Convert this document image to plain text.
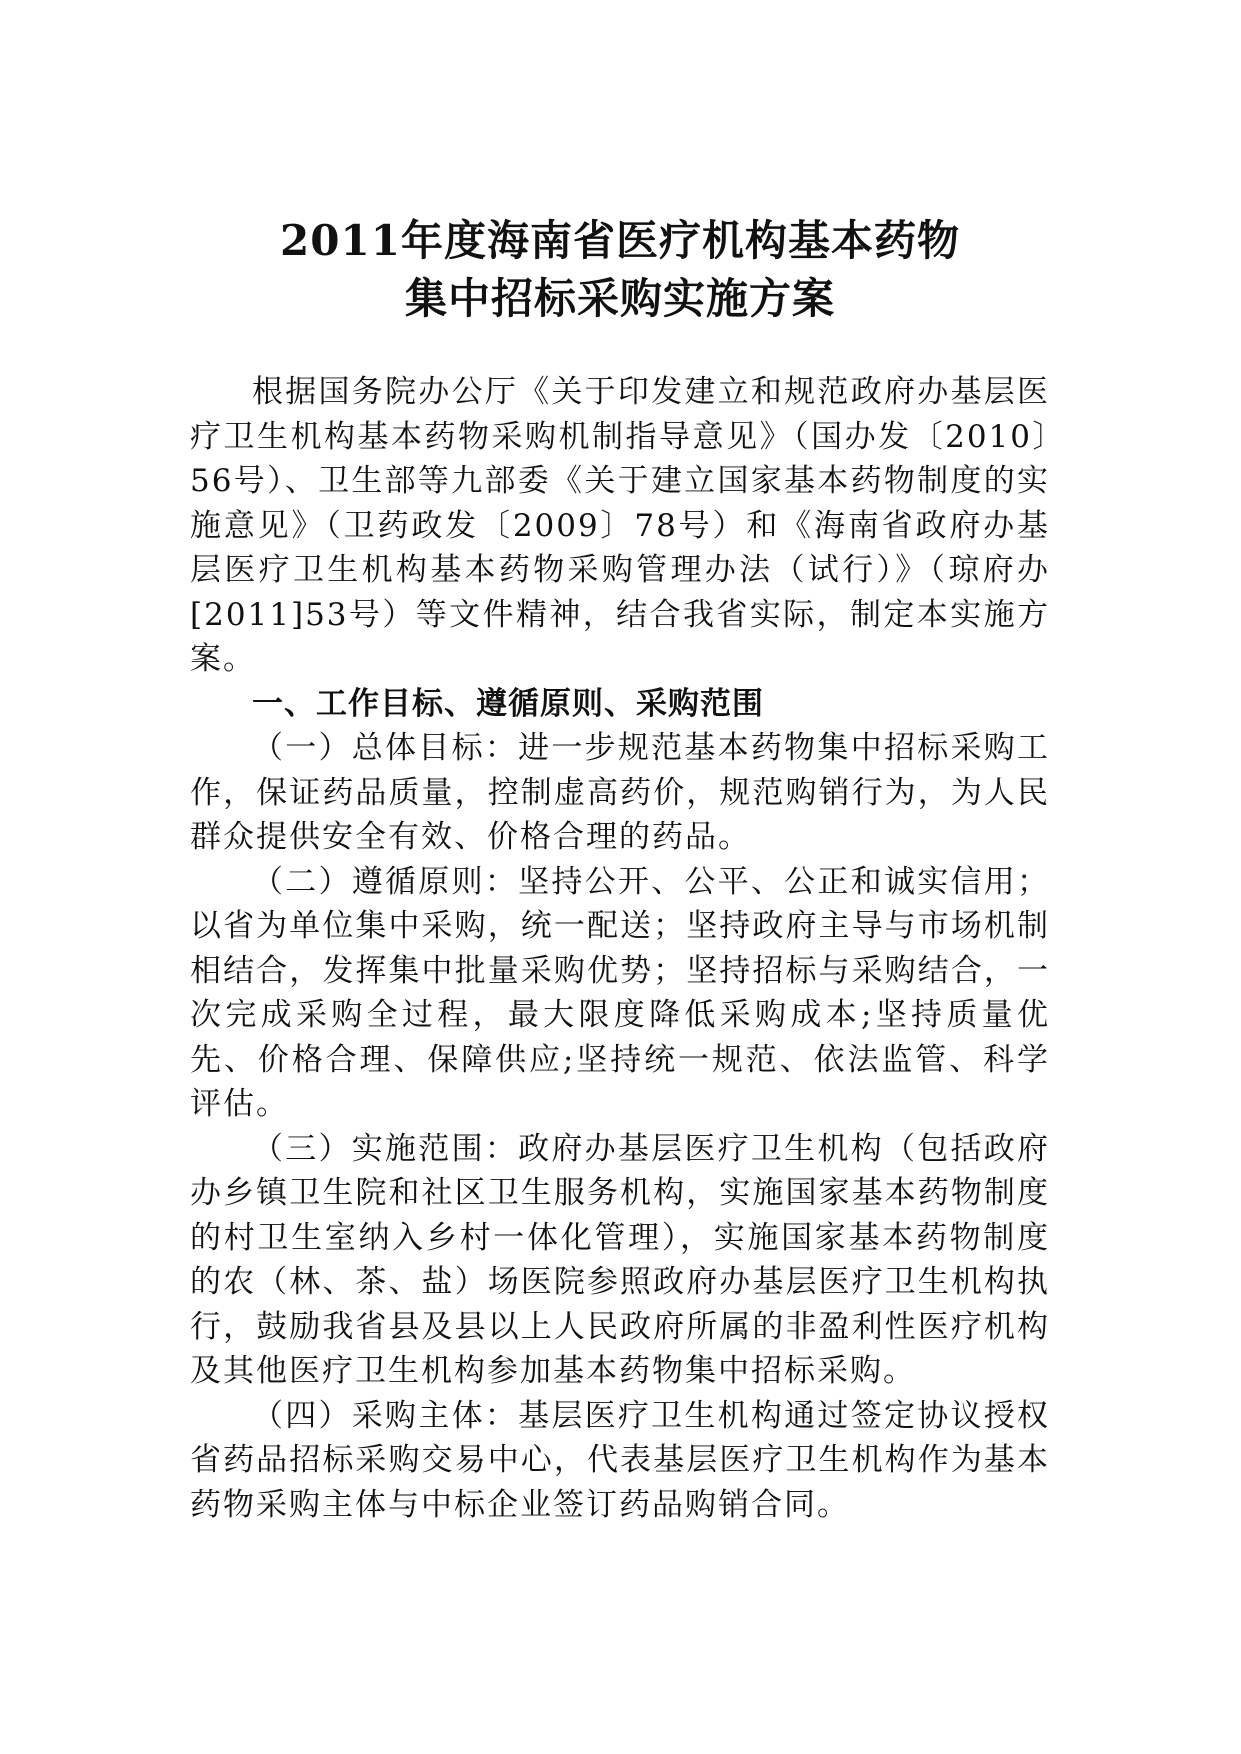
2011年度海南省医疗机构基本药物
集中招标采购实施方案

根据国务院办公厅《关于印发建立和规范政府办基层医疗卫生机构基本药物采购机制指导意见》（国办发〔2010〕56号）、卫生部等九部委《关于建立国家基本药物制度的实施意见》（卫药政发〔2009〕78号）和《海南省政府办基层医疗卫生机构基本药物采购管理办法（试行）》（琼府办[2011]53号）等文件精神，结合我省实际，制定本实施方案。

一、工作目标、遵循原则、采购范围

（一）总体目标：进一步规范基本药物集中招标采购工作，保证药品质量，控制虚高药价，规范购销行为，为人民群众提供安全有效、价格合理的药品。

（二）遵循原则：坚持公开、公平、公正和诚实信用；以省为单位集中采购，统一配送；坚持政府主导与市场机制相结合，发挥集中批量采购优势；坚持招标与采购结合，一次完成采购全过程，最大限度降低采购成本;坚持质量优先、价格合理、保障供应;坚持统一规范、依法监管、科学评估。

（三）实施范围：政府办基层医疗卫生机构（包括政府办乡镇卫生院和社区卫生服务机构，实施国家基本药物制度的村卫生室纳入乡村一体化管理），实施国家基本药物制度的农（林、茶、盐）场医院参照政府办基层医疗卫生机构执行，鼓励我省县及县以上人民政府所属的非盈利性医疗机构及其他医疗卫生机构参加基本药物集中招标采购。

（四）采购主体：基层医疗卫生机构通过签定协议授权省药品招标采购交易中心，代表基层医疗卫生机构作为基本药物采购主体与中标企业签订药品购销合同。
